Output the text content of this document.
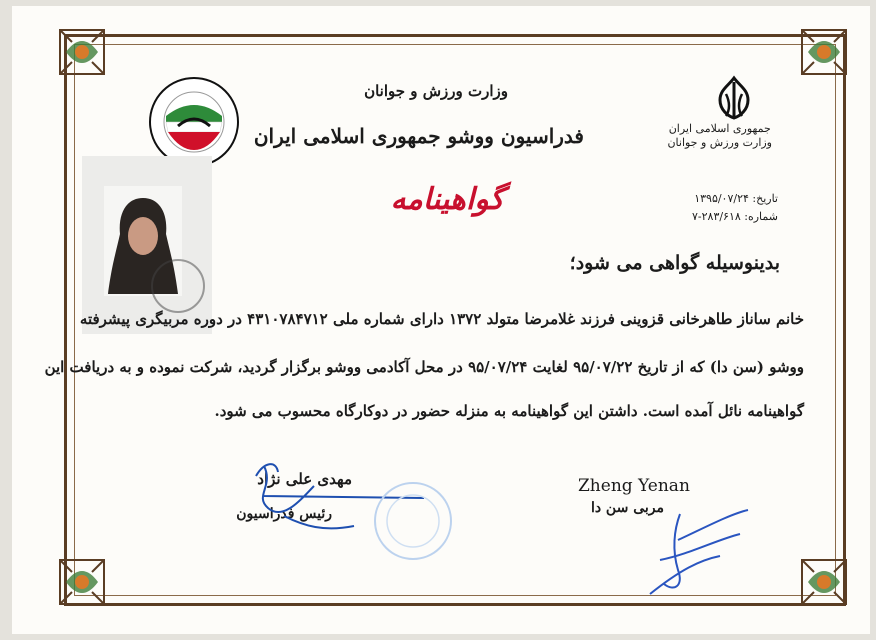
جمهوری اسلامی ایران
وزارت ورزش و جوانان
وزارت ورزش و جوانان
فدراسیون ووشو جمهوری اسلامی ایران
گواهینامه	تاریخ: ۱۳۹۵/۰۷/۲۴
شماره: ۲۸۳/۶۱۸-۷
بدینوسیله گواهی می شود؛
خانم ساناز طاهرخانی قزوینی فرزند غلامرضا متولد ۱۳۷۲ دارای شماره ملی ۴۳۱۰۷۸۴۷۱۲ در دوره مربیگری پیشرفته
ووشو (سن دا) که از تاریخ ۹۵/۰۷/۲۲ لغایت ۹۵/۰۷/۲۴ در محل آکادمی ووشو برگزار گردید، شرکت نموده و به دریافت این
گواهینامه نائل آمده است. داشتن این گواهینامه به منزله حضور در دوکارگاه محسوب می شود.
مهدی علی نژاد
رئیس فدراسیون
Zheng Yenan
مربی سن دا
